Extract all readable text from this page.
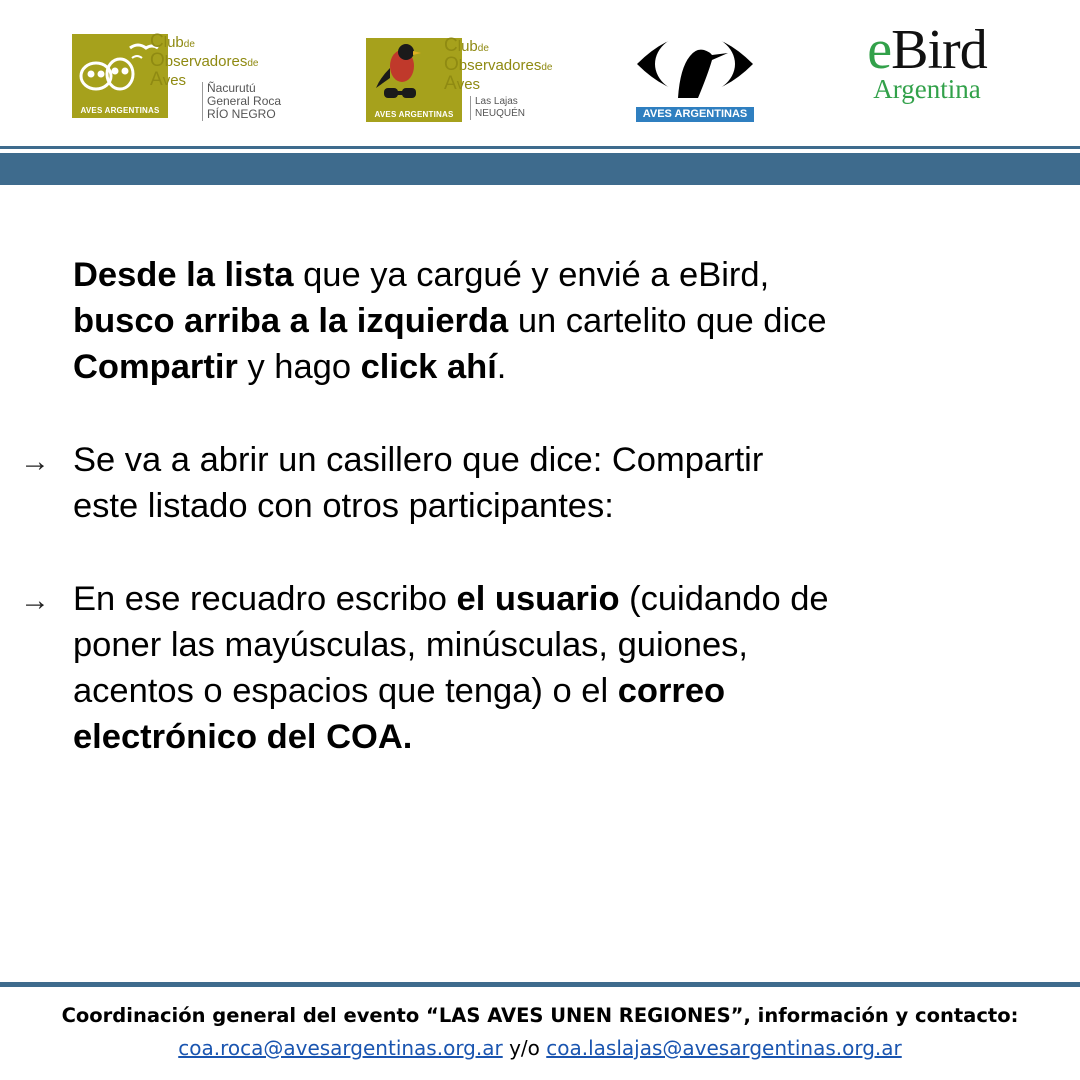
AVES ARGENTINAS
Clubde
Observadoresde
Aves	Ñacurutú
General Roca
RÍO NEGRO	AVES ARGENTINAS
Clubde
Observadoresde
Aves
Las Lajas
NEUQUÉN	AVES ARGENTINAS
eBird
Argentina
Desde la lista que ya cargué y envié a eBird,
busco arriba a la izquierda un cartelito que dice
Compartir y hago click ahí.
→ Se va a abrir un casillero que dice: Compartir
este listado con otros participantes:
→ En ese recuadro escribo el usuario (cuidando de
poner las mayúsculas, minúsculas, guiones,
acentos o espacios que tenga) o el correo
electrónico del COA.
Coordinación general del evento “LAS AVES UNEN REGIONES”, información y contacto:
coa.roca@avesargentinas.org.ar y/o coa.laslajas@avesargentinas.org.ar
